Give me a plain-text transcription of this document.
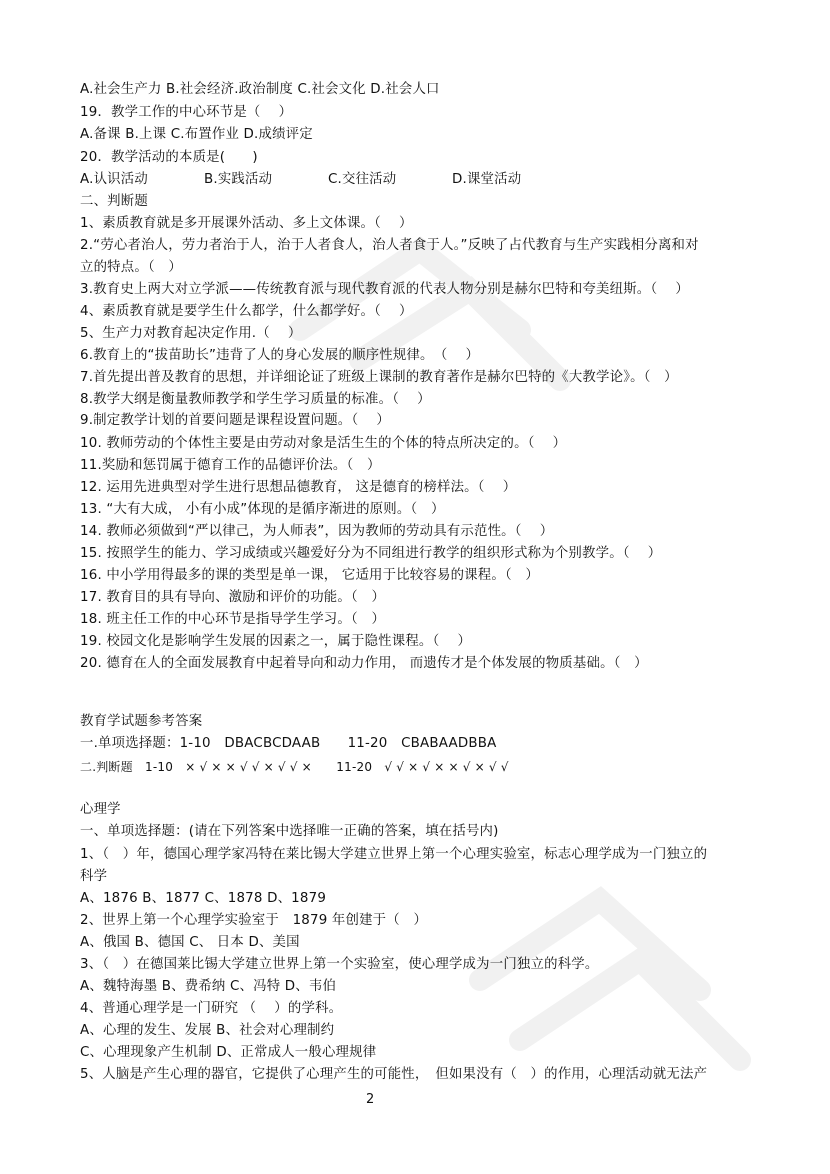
A.社会生产力 B.社会经济.政治制度 C.社会文化 D.社会人口
19．教学工作的中心环节是（　 ）
A.备课 B.上课 C.布置作业 D.成绩评定
20．教学活动的本质是(　　)
A.认识活动	B.实践活动	C.交往活动	D.课堂活动
二、判断题
1、素质教育就是多开展课外活动、多上文体课。（　 ）
2.“劳心者治人，劳力者治于人，治于人者食人，治人者食于人。”反映了占代教育与生产实践相分离和对
立的特点。（　）
3.教育史上两大对立学派——传统教育派与现代教育派的代表人物分别是赫尔巴特和夸美纽斯。（　 ）
4、素质教育就是要学生什么都学，什么都学好。（　 ）
5、生产力对教育起决定作用.（　 ）
6.教育上的“拔苗助长”违背了人的身心发展的顺序性规律。　（　 ）
7.首先提出普及教育的思想，并详细论证了班级上课制的教育著作是赫尔巴特的《大教学论》。（　）
8.教学大纲是衡量教师教学和学生学习质量的标准。（　 ）
9.制定教学计划的首要问题是课程设置问题。（　 ）
10. 教师劳动的个体性主要是由劳动对象是活生生的个体的特点所决定的。（　 ）
11.奖励和惩罚属于德育工作的品德评价法。（　）
12. 运用先进典型对学生进行思想品德教育， 这是德育的榜样法。（　 ）
13. “大有大成， 小有小成”体现的是循序渐进的原则。（　）
14. 教师必须做到“严以律己，为人师表”，因为教师的劳动具有示范性。（　 ）
15. 按照学生的能力、学习成绩或兴趣爱好分为不同组进行教学的组织形式称为个别教学。（　 ）
16. 中小学用得最多的课的类型是单一课， 它适用于比较容易的课程。（　）
17. 教育目的具有导向、激励和评价的功能。（　）
18. 班主任工作的中心环节是指导学生学习。（　）
19. 校园文化是影响学生发展的因素之一，属于隐性课程。（　 ）
20. 德育在人的全面发展教育中起着导向和动力作用， 而遗传才是个体发展的物质基础。（　）
教育学试题参考答案
一.单项选择题：1-10　DBACBCDAAB　　11-20　CBABAADBBA
二.判断题　1-10　× √ × × √ √ × √ √ ×　　11-20　√ √ × √ × × √ × √ √
心理学
一、单项选择题：(请在下列答案中选择唯一正确的答案，填在括号内)
1、（　）年，德国心理学家冯特在莱比锡大学建立世界上第一个心理实验室，标志心理学成为一门独立的
科学
A、1876 B、1877 C、1878 D、1879
2、世界上第一个心理学实验室于　1879 年创建于（　）
A、俄国 B、德国 C、 日本 D、美国
3、（　）在德国莱比锡大学建立世界上第一个实验室，使心理学成为一门独立的科学。
A、魏特海墨 B、费希纳 C、冯特 D、韦伯
4、普通心理学是一门研究 （　 ）的学科。
A、心理的发生、发展 B、社会对心理制约
C、心理现象产生机制 D、正常成人一般心理规律
5、人脑是产生心理的器官，它提供了心理产生的可能性，　但如果没有（　）的作用，心理活动就无法产
2
